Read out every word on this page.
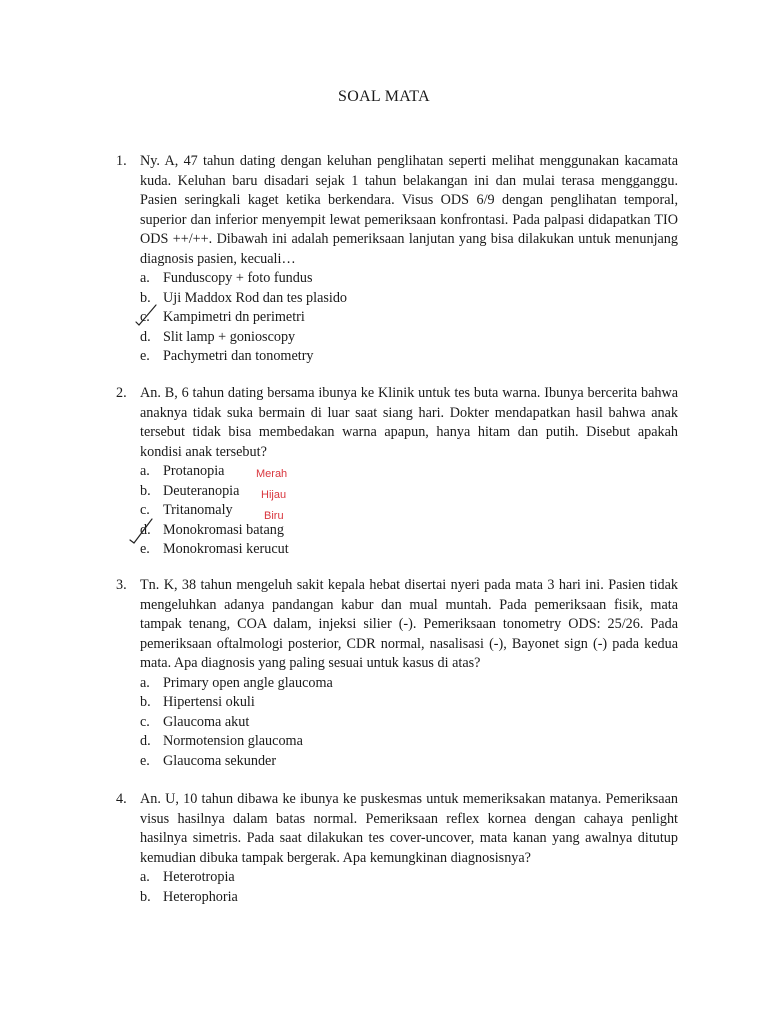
SOAL MATA
1. Ny. A, 47 tahun dating dengan keluhan penglihatan seperti melihat menggunakan kacamata kuda. Keluhan baru disadari sejak 1 tahun belakangan ini dan mulai terasa mengganggu. Pasien seringkali kaget ketika berkendara. Visus ODS 6/9 dengan penglihatan temporal, superior dan inferior menyempit lewat pemeriksaan konfrontasi. Pada palpasi didapatkan TIO ODS ++/++. Dibawah ini adalah pemeriksaan lanjutan yang bisa dilakukan untuk menunjang diagnosis pasien, kecuali…
a. Funduscopy + foto fundus
b. Uji Maddox Rod dan tes plasido
c. Kampimetri dn perimetri
d. Slit lamp + gonioscopy
e. Pachymetri dan tonometry
2. An. B, 6 tahun dating bersama ibunya ke Klinik untuk tes buta warna. Ibunya bercerita bahwa anaknya tidak suka bermain di luar saat siang hari. Dokter mendapatkan hasil bahwa anak tersebut tidak bisa membedakan warna apapun, hanya hitam dan putih. Disebut apakah kondisi anak tersebut?
a. Protanopia	Merah
b. Deuteranopia Hijau
c. Tritanomaly	Biru
d. Monokromasi batang
e. Monokromasi kerucut
3. Tn. K, 38 tahun mengeluh sakit kepala hebat disertai nyeri pada mata 3 hari ini. Pasien tidak mengeluhkan adanya pandangan kabur dan mual muntah. Pada pemeriksaan fisik, mata tampak tenang, COA dalam, injeksi silier (-). Pemeriksaan tonometry ODS: 25/26. Pada pemeriksaan oftalmologi posterior, CDR normal, nasalisasi (-), Bayonet sign (-) pada kedua mata. Apa diagnosis yang paling sesuai untuk kasus di atas?
a. Primary open angle glaucoma
b. Hipertensi okuli
c. Glaucoma akut
d. Normotension glaucoma
e. Glaucoma sekunder
4. An. U, 10 tahun dibawa ke ibunya ke puskesmas untuk memeriksakan matanya. Pemeriksaan visus hasilnya dalam batas normal. Pemeriksaan reflex kornea dengan cahaya penlight hasilnya simetris. Pada saat dilakukan tes cover-uncover, mata kanan yang awalnya ditutup kemudian dibuka tampak bergerak. Apa kemungkinan diagnosisnya?
a. Heterotropia
b. Heterophoria
